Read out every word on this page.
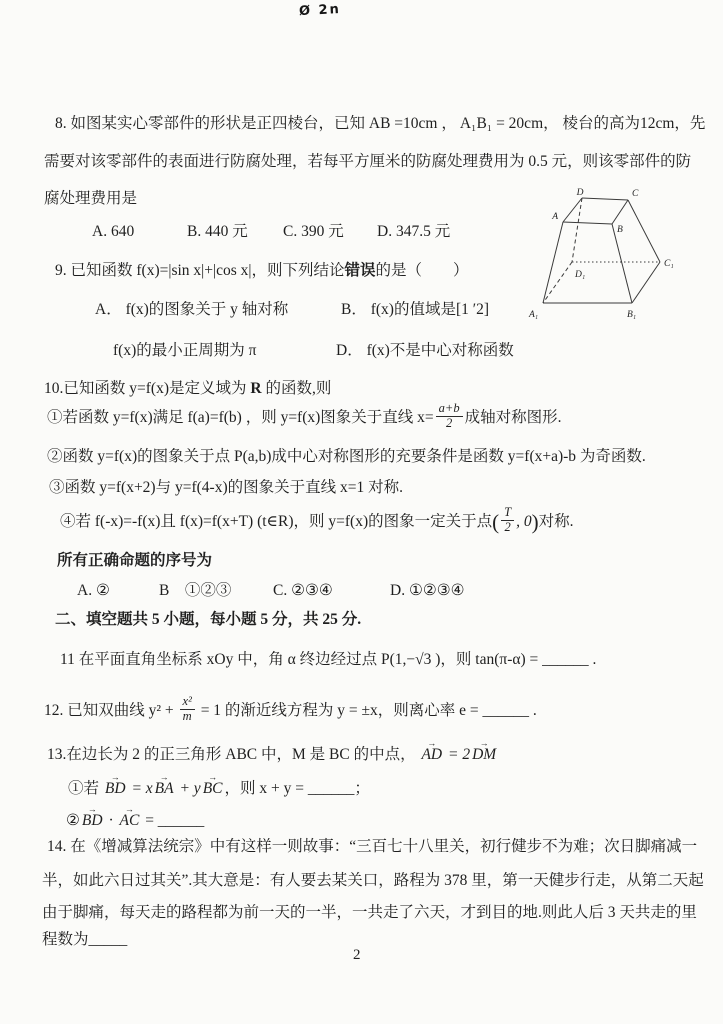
Ø 2n
8. 如图某实心零部件的形状是正四棱台，已知 AB =10cm ， A₁B₁ = 20cm， 棱台的高为12cm，先
需要对该零部件的表面进行防腐处理，若每平方厘米的防腐处理费用为 0.5 元，则该零部件的防
腐处理费用是
A. 640	B. 440 元 C. 390 元 D. 347.5 元
D	C
A
B
D₁
C₁
A₁	B₁
9. 已知函数 f(x)=|sin x|+|cos x|，则下列结论错误的是（　　）
A． f(x)的图象关于 y 轴对称	B． f(x)的值域是[1 ′2]
f(x)的最小正周期为 π	D． f(x)不是中心对称函数
10.已知函数 y=f(x)是定义域为 R 的函数,则
①若函数 y=f(x)满足 f(a)=f(b) ，则 y=f(x)图象关于直线 $x= \frac{a+b}{2}$ 成轴对称图形.
②函数 y=f(x)的图象关于点 P(a,b)成中心对称图形的充要条件是函数 y=f(x+a)-b 为奇函数.
③函数 y=f(x+2)与 y=f(4-x)的图象关于直线 x=1 对称.
④若 f(-x)=-f(x)且 f(x)=f(x+T) (t∈R)，则 y=f(x)的图象一定关于点( $\frac{T}{2}$ , 0)对称.
所有正确命题的序号为
A. ②	B　①②③	C. ②③④	D. ①②③④
二、填空题共 5 小题，每小题 5 分，共 25 分.
11 在平面直角坐标系 xOy 中，角 α 终边经过点 P(1,−√3 )，则 tan(π-α) = ______ .
12. 已知双曲线 $y^2 + \frac{\text{x²}}{m} = 1$ 的渐近线方程为 y = ±x，则离心率 e = ______ .
13.在边长为 2 的正三角形 ABC 中，M 是 BC 的中点， AD → = 2 DM →
①若 BD → = x BA → + y BC → ，则 x + y = ______；
② BD → · AC → = ______
14. 在《增减算法统宗》中有这样一则故事：“三百七十八里关，初行健步不为难；次日脚痛减一
半，如此六日过其关”.其大意是：有人要去某关口，路程为 378 里，第一天健步行走，从第二天起
由于脚痛，每天走的路程都为前一天的一半，一共走了六天，才到目的地.则此人后 3 天共走的里
程数为_____
2
